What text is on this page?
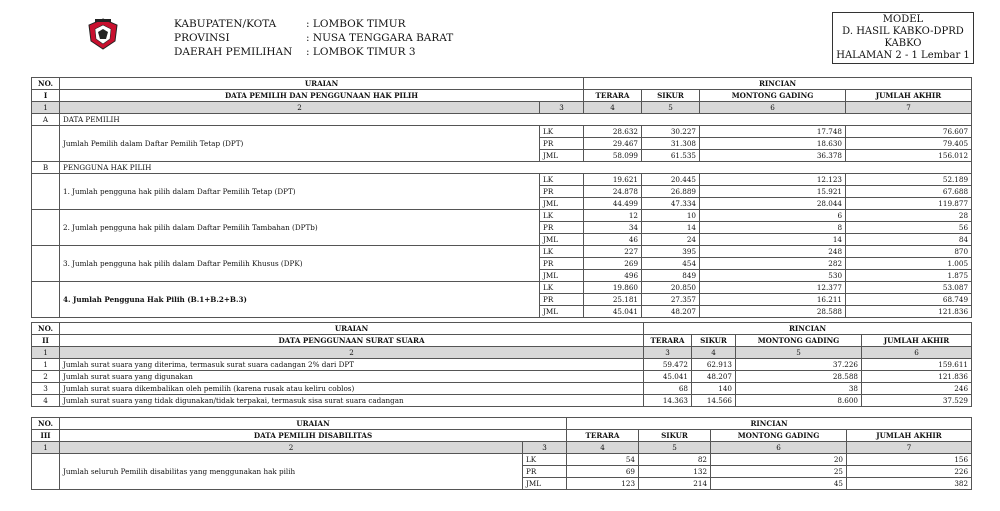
KABUPATEN/KOTA	: LOMBOK TIMUR
PROVINSI	: NUSA TENGGARA BARAT
DAERAH PEMILIHAN	: LOMBOK TIMUR 3
MODEL
D. HASIL KABKO-DPRD
KABKO
HALAMAN 2 - 1 Lembar 1
NO.	URAIAN		RINCIAN			
I	DATA PEMILIH DAN PENGGUNAAN HAK PILIH		TERARA	SIKUR	MONTONG GADING	JUMLAH AKHIR
1	2	3	4	5	6	7
A	DATA PEMILIH					
	Jumlah Pemilih dalam Daftar Pemilih Tetap (DPT)	LK	28.632	30.227	17.748	76.607
		PR	29.467	31.308	18.630	79.405
		JML	58.099	61.535	36.378	156.012
B	PENGGUNA HAK PILIH					
	1. Jumlah pengguna hak pilih dalam Daftar Pemilih Tetap (DPT)	LK	19.621	20.445	12.123	52.189
		PR	24.878	26.889	15.921	67.688
		JML	44.499	47.334	28.044	119.877
	2. Jumlah pengguna hak pilih dalam Daftar Pemilih Tambahan (DPTb)	LK	12	10	6	28
		PR	34	14	8	56
		JML	46	24	14	84
	3. Jumlah pengguna hak pilih dalam Daftar Pemilih Khusus (DPK)	LK	227	395	248	870
		PR	269	454	282	1.005
		JML	496	849	530	1.875
	4. Jumlah Pengguna Hak Pilih (B.1+B.2+B.3)	LK	19.860	20.850	12.377	53.087
		PR	25.181	27.357	16.211	68.749
		JML	45.041	48.207	28.588	121.836
NO.	URAIAN	RINCIAN			
II	DATA PENGGUNAAN SURAT SUARA	TERARA	SIKUR	MONTONG GADING	JUMLAH AKHIR
1	2	3	4	5	6
1	Jumlah surat suara yang diterima, termasuk surat suara cadangan 2% dari DPT	59.472	62.913	37.226	159.611
2	Jumlah surat suara yang digunakan	45.041	48.207	28.588	121.836
3	Jumlah surat suara dikembalikan oleh pemilih (karena rusak atau keliru coblos)	68	140	38	246
4	Jumlah surat suara yang tidak digunakan/tidak terpakai, termasuk sisa surat suara cadangan	14.363	14.566	8.600	37.529
NO.	URAIAN		RINCIAN			
III	DATA PEMILIH DISABILITAS		TERARA	SIKUR	MONTONG GADING	JUMLAH AKHIR
1	2	3	4	5	6	7
	Jumlah seluruh Pemilih disabilitas yang menggunakan hak pilih	LK	54	82	20	156
		PR	69	132	25	226
		JML	123	214	45	382
